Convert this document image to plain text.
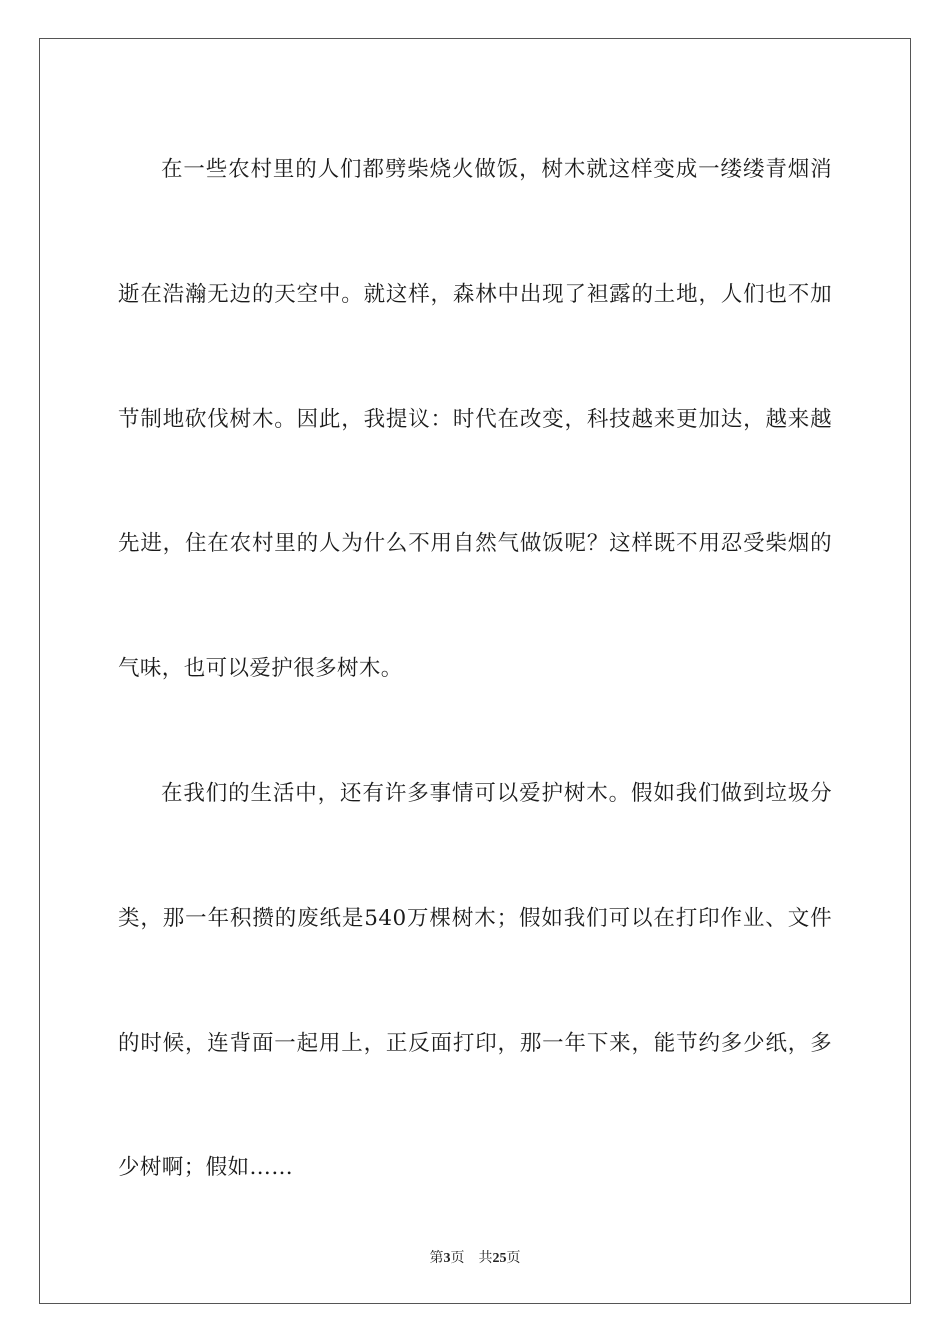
在一些农村里的人们都劈柴烧火做饭，树木就这样变成一缕缕青烟消逝在浩瀚无边的天空中。就这样，森林中出现了袒露的土地，人们也不加节制地砍伐树木。因此，我提议：时代在改变，科技越来更加达，越来越先进，住在农村里的人为什么不用自然气做饭呢？这样既不用忍受柴烟的气味，也可以爱护很多树木。

在我们的生活中，还有许多事情可以爱护树木。假如我们做到垃圾分类，那一年积攒的废纸是540万棵树木；假如我们可以在打印作业、文件的时候，连背面一起用上，正反面打印，那一年下来，能节约多少纸，多少树啊；假如……

第3页 共25页
